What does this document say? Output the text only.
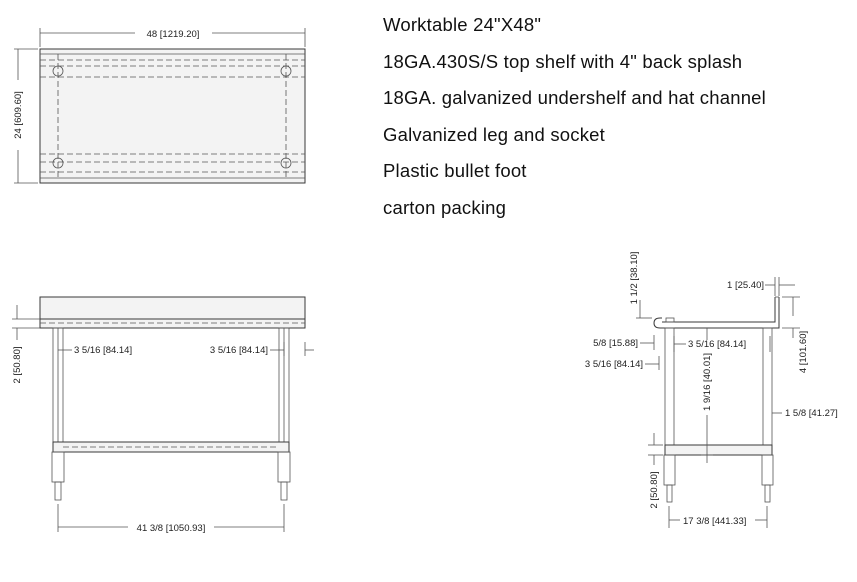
Worktable 24"X48"
18GA.430S/S top shelf with 4" back splash
18GA. galvanized undershelf and hat channel
Galvanized leg and socket
Plastic bullet foot
carton packing
48 [1219.20]
24 [609.60]
2 [50.80]	3 5/16 [84.14]	3 5/16 [84.14]
41 3/8 [1050.93]
1 1/2 [38.10]	1 [25.40]
5/8 [15.88]	3 5/16 [84.14]
3 5/16 [84.14]	4 [101.60]
1 9/16 [40.01]
1 5/8 [41.27]
2 [50.80]
17 3/8 [441.33]
